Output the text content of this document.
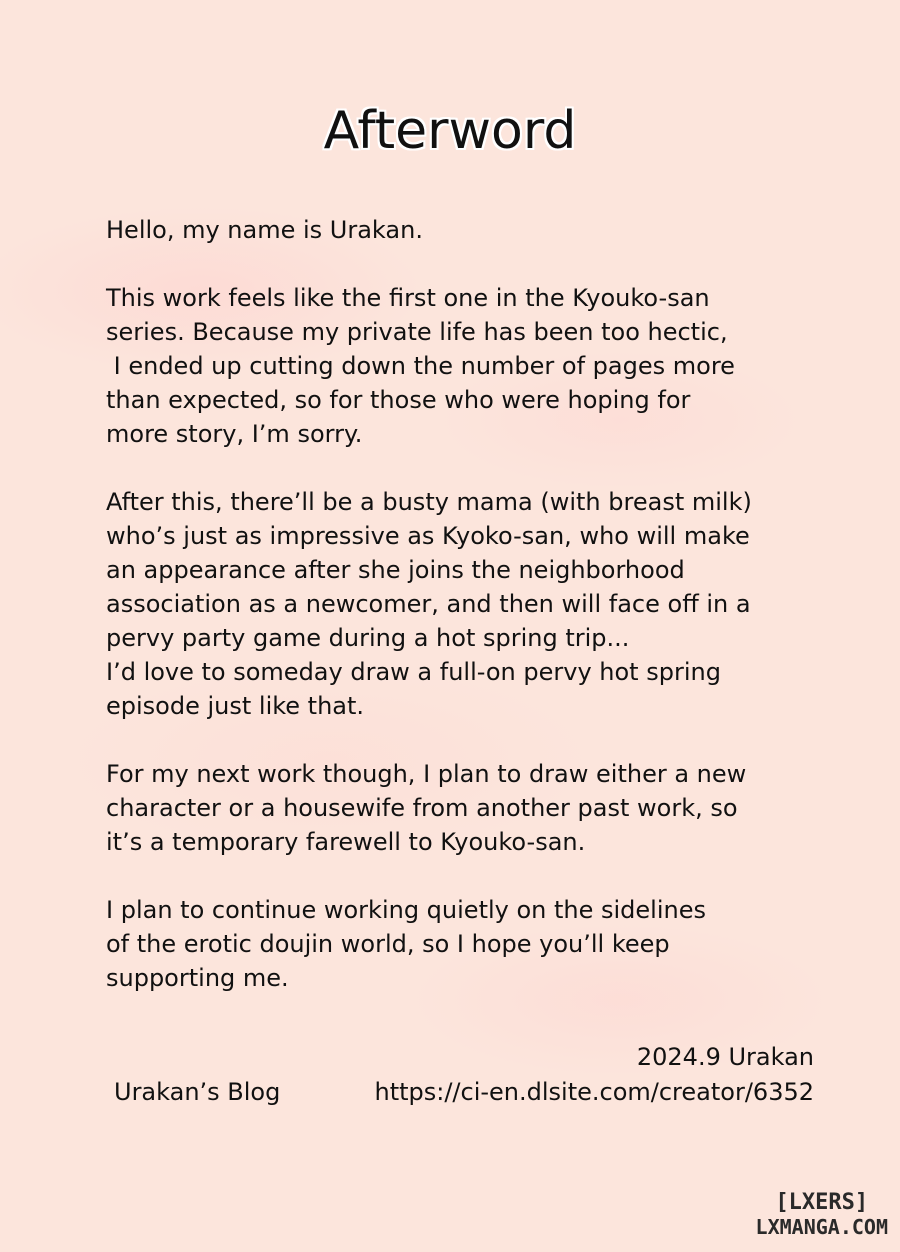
Afterword

Hello, my name is Urakan.

This work feels like the first one in the Kyouko-san
series. Because my private life has been too hectic,
I ended up cutting down the number of pages more
than expected, so for those who were hoping for
more story, I’m sorry.

After this, there’ll be a busty mama (with breast milk)
who’s just as impressive as Kyoko-san, who will make
an appearance after she joins the neighborhood
association as a newcomer, and then will face off in a
pervy party game during a hot spring trip...
I’d love to someday draw a full-on pervy hot spring
episode just like that.

For my next work though, I plan to draw either a new
character or a housewife from another past work, so
it’s a temporary farewell to Kyouko-san.

I plan to continue working quietly on the sidelines
of the erotic doujin world, so I hope you’ll keep
supporting me.

2024.9 Urakan
Urakan’s Blog	https://ci-en.dlsite.com/creator/6352
[LXERS]
LXMANGA.COM
